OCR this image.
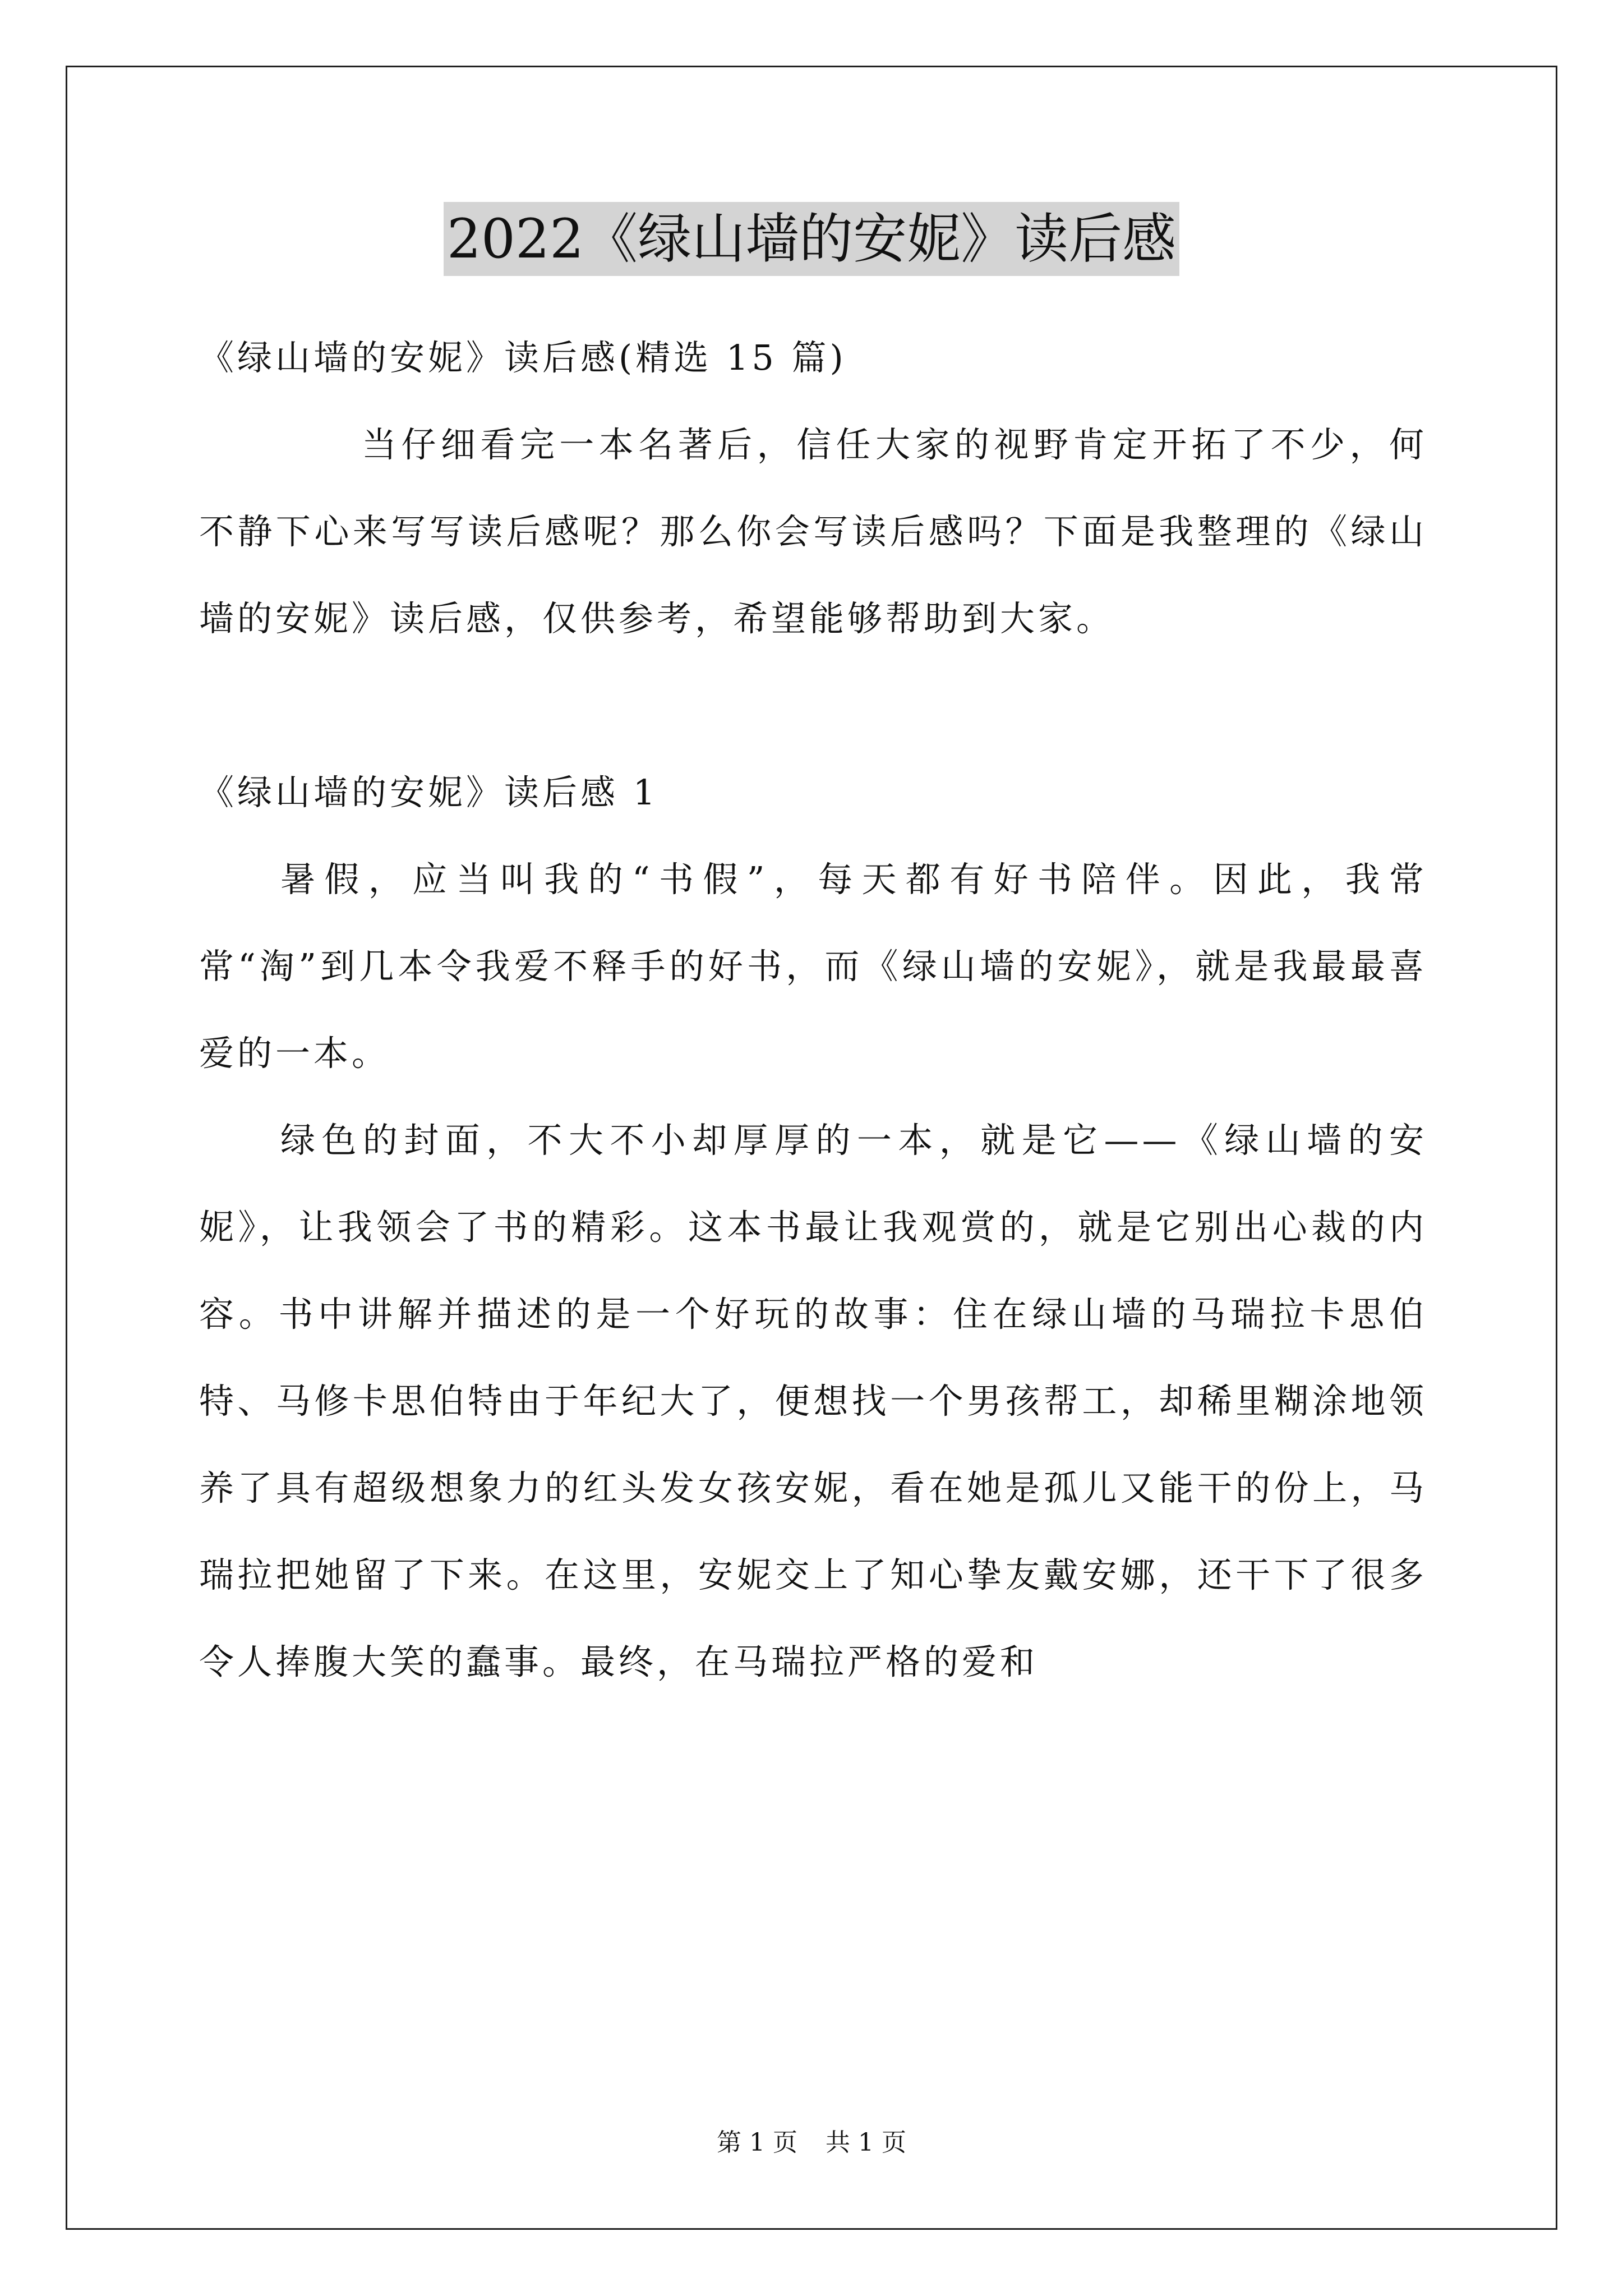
2022《绿山墙的安妮》读后感

《绿山墙的安妮》读后感(精选 15 篇)

当仔细看完一本名著后，信任大家的视野肯定开拓了不少，何不静下心来写写读后感呢？那么你会写读后感吗？下面是我整理的《绿山墙的安妮》读后感，仅供参考，希望能够帮助到大家。

《绿山墙的安妮》读后感 1

暑假，应当叫我的“书假”，每天都有好书陪伴。因此，我常常“淘”到几本令我爱不释手的好书，而《绿山墙的安妮》，就是我最最喜爱的一本。

绿色的封面，不大不小却厚厚的一本，就是它——《绿山墙的安妮》，让我领会了书的精彩。这本书最让我观赏的，就是它别出心裁的内容。书中讲解并描述的是一个好玩的故事：住在绿山墙的马瑞拉卡思伯特、马修卡思伯特由于年纪大了，便想找一个男孩帮工，却稀里糊涂地领养了具有超级想象力的红头发女孩安妮，看在她是孤儿又能干的份上，马瑞拉把她留了下来。在这里，安妮交上了知心挚友戴安娜，还干下了很多令人捧腹大笑的蠢事。最终，在马瑞拉严格的爱和

第 1 页 共 1 页
